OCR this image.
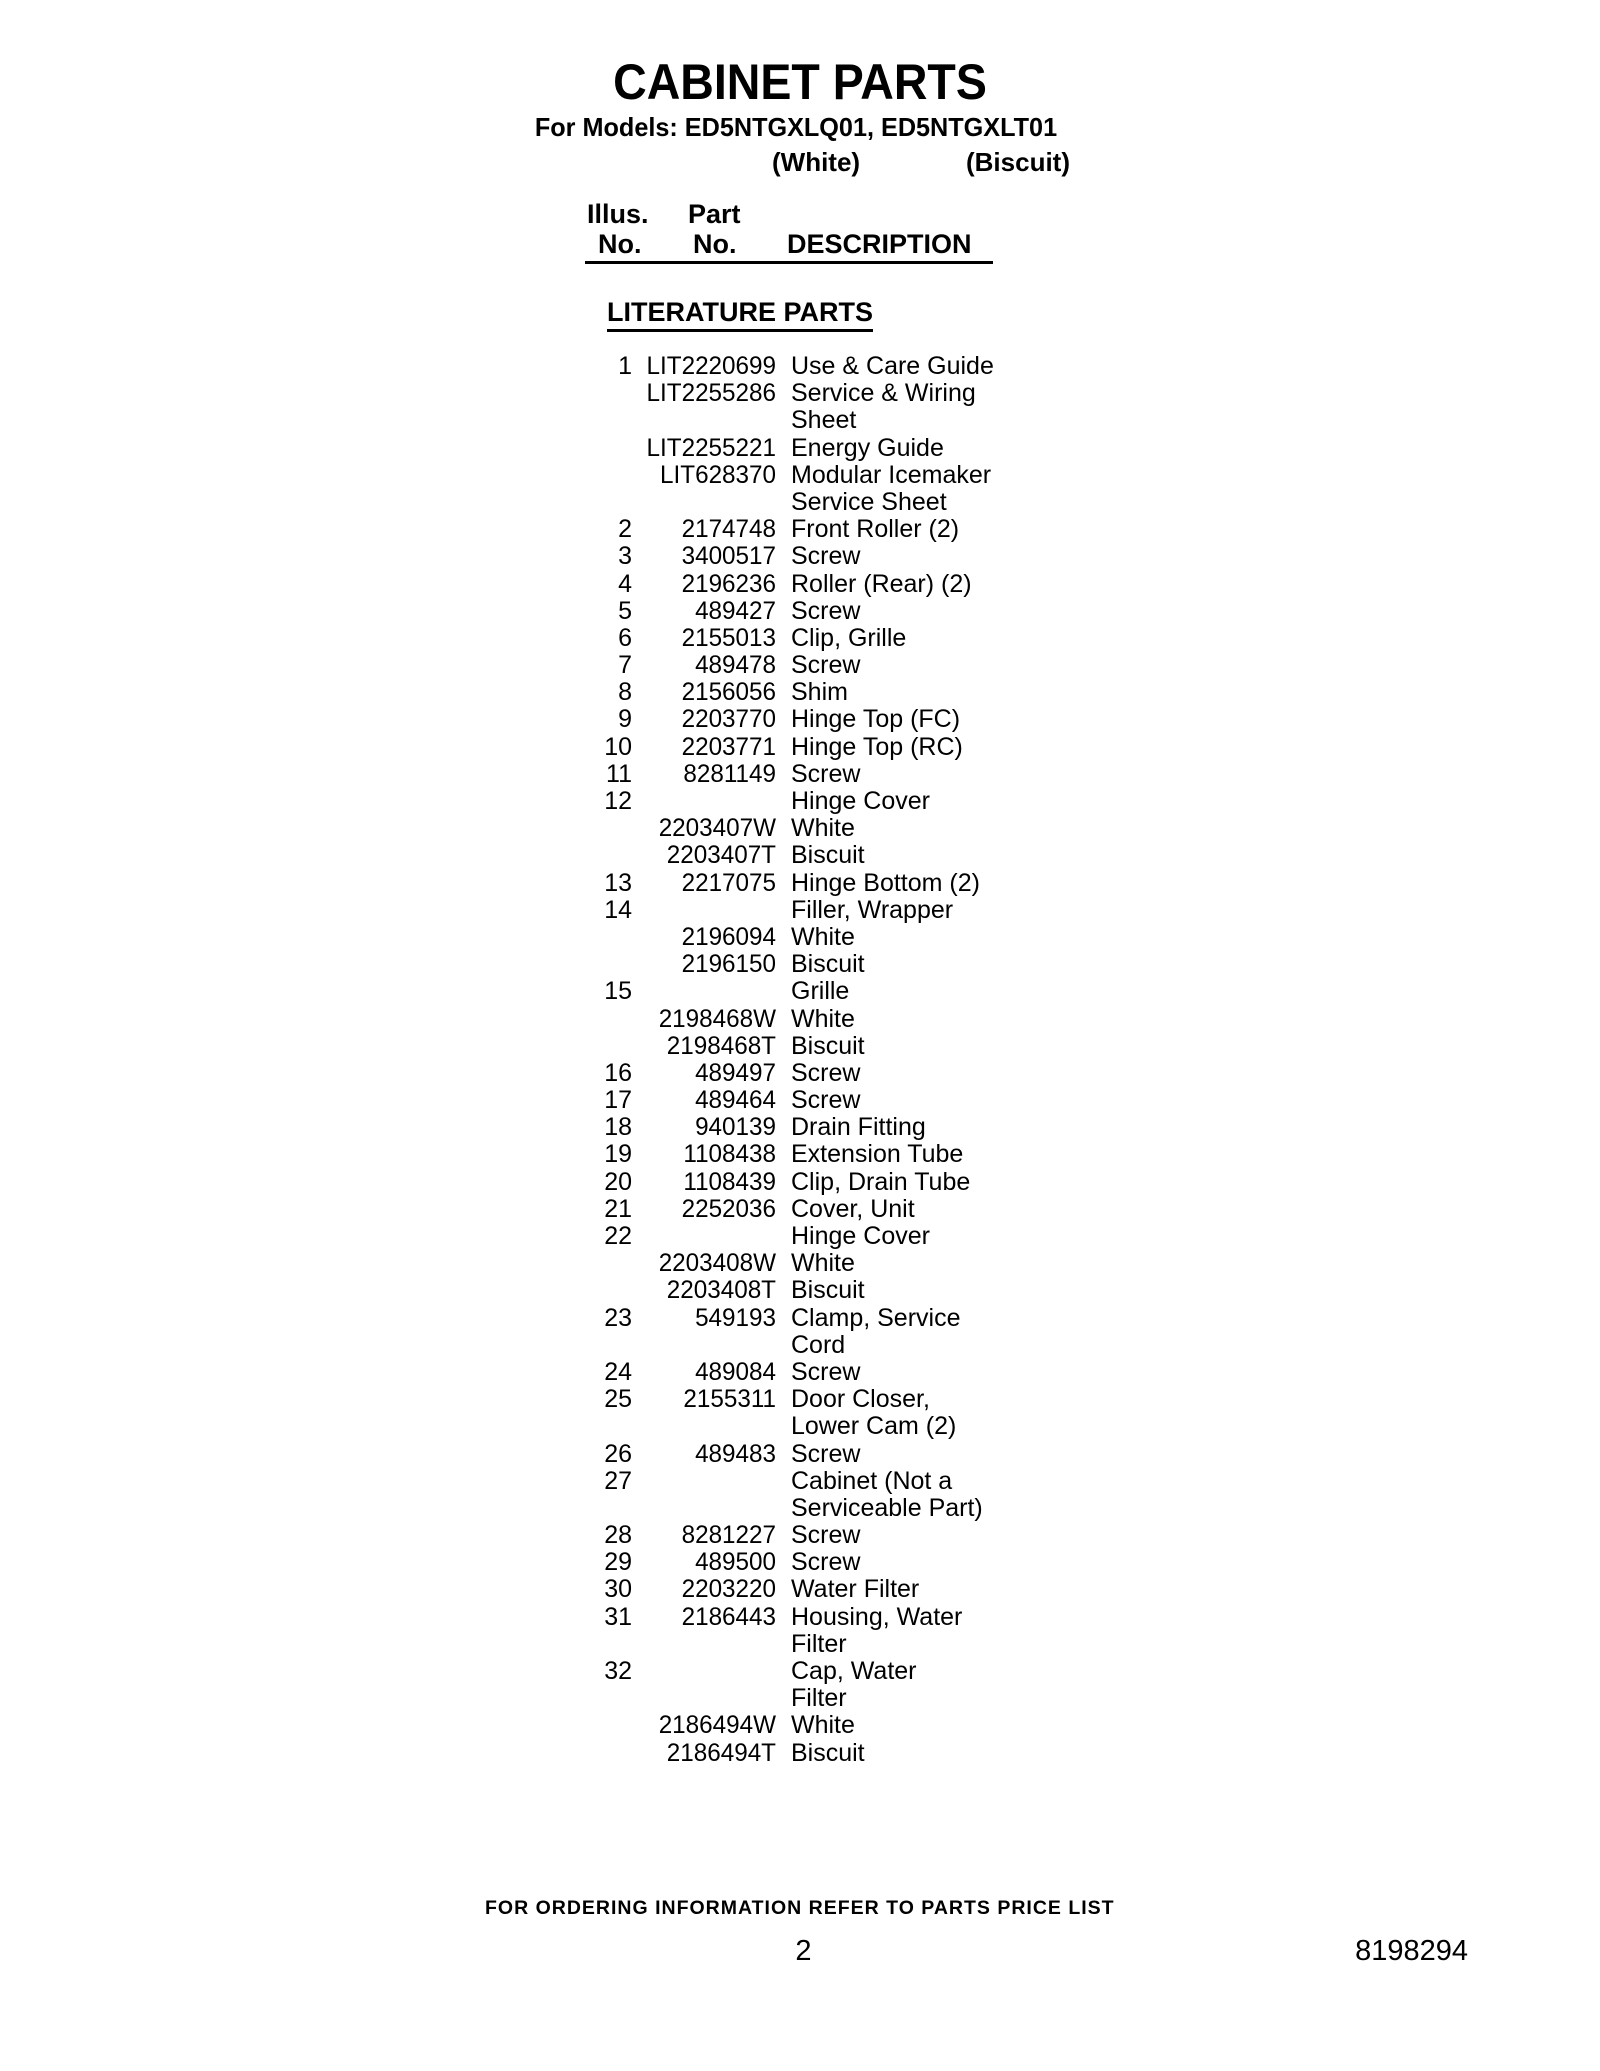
CABINET PARTS
For Models: ED5NTGXLQ01, ED5NTGXLT01
(White)	(Biscuit)
Illus. Part
No. No. DESCRIPTION
LITERATURE PARTS
1 LIT2220699 Use & Care Guide
LIT2255286 Service & Wiring
Sheet
LIT2255221 Energy Guide
LIT628370 Modular Icemaker
Service Sheet
2	2174748 Front Roller (2)
3	3400517 Screw
4	2196236 Roller (Rear) (2)
5	489427 Screw
6	2155013 Clip, Grille
7	489478 Screw
8	2156056 Shim
9	2203770 Hinge Top (FC)
10	2203771 Hinge Top (RC)
11	8281149 Screw
12	Hinge Cover
2203407W White
2203407T Biscuit
13	2217075 Hinge Bottom (2)
14	Filler, Wrapper
2196094 White
2196150 Biscuit
15	Grille
2198468W White
2198468T Biscuit
16	489497 Screw
17	489464 Screw
18	940139 Drain Fitting
19	1108438 Extension Tube
20	1108439 Clip, Drain Tube
21	2252036 Cover, Unit
22	Hinge Cover
2203408W White
2203408T Biscuit
23	549193 Clamp, Service
Cord
24	489084 Screw
25	2155311 Door Closer,
Lower Cam (2)
26	489483 Screw
27	Cabinet (Not a
Serviceable Part)
28	8281227 Screw
29	489500 Screw
30	2203220 Water Filter
31	2186443 Housing, Water
Filter
32	Cap, Water
Filter
2186494W White
2186494T Biscuit
FOR ORDERING INFORMATION REFER TO PARTS PRICE LIST
2	8198294
